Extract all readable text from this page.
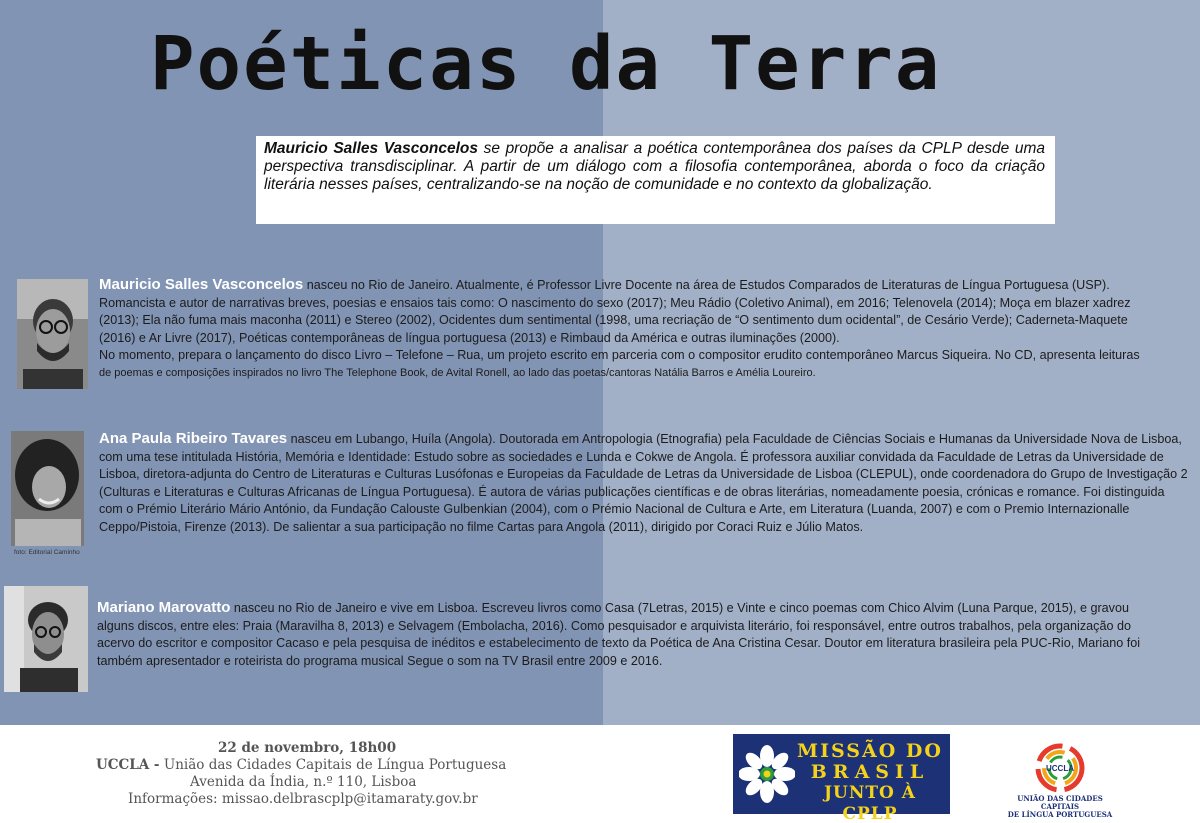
Poéticas da Terra
Mauricio Salles Vasconcelos se propõe a analisar a poética contemporânea dos países da CPLP desde uma perspectiva transdisciplinar. A partir de um diálogo com a filosofia contemporânea, aborda o foco da criação literária nesses países, centralizando-se na noção de comunidade e no contexto da globalização.
Mauricio Salles Vasconcelos nasceu no Rio de Janeiro. Atualmente, é Professor Livre Docente na área de Estudos Comparados de Literaturas de Língua Portuguesa (USP).
Romancista e autor de narrativas breves, poesias e ensaios tais como: O nascimento do sexo (2017); Meu Rádio (Coletivo Animal), em 2016; Telenovela (2014); Moça em blazer xadrez
(2013); Ela não fuma mais maconha (2011) e Stereo (2002), Ocidentes dum sentimental (1998, uma recriação de “O sentimento dum ocidental”, de Cesário Verde); Caderneta-Maquete
(2016) e Ar Livre (2017), Poéticas contemporâneas de língua portuguesa (2013) e Rimbaud da América e outras iluminações (2000).
No momento, prepara o lançamento do disco Livro – Telefone – Rua, um projeto escrito em parceria com o compositor erudito contemporâneo Marcus Siqueira. No CD, apresenta leituras
de poemas e composições inspirados no livro The Telephone Book, de Avital Ronell, ao lado das poetas/cantoras Natália Barros e Amélia Loureiro.
foto: Editorial Caminho
Ana Paula Ribeiro Tavares nasceu em Lubango, Huíla (Angola). Doutorada em Antropologia (Etnografia) pela Faculdade de Ciências Sociais e Humanas da Universidade Nova de Lisboa,
com uma tese intitulada História, Memória e Identidade: Estudo sobre as sociedades e Lunda e Cokwe de Angola. É professora auxiliar convidada da Faculdade de Letras da Universidade de
Lisboa, diretora-adjunta do Centro de Literaturas e Culturas Lusófonas e Europeias da Faculdade de Letras da Universidade de Lisboa (CLEPUL), onde coordenadora do Grupo de Investigação 2
(Culturas e Literaturas e Culturas Africanas de Língua Portuguesa). É autora de várias publicações científicas e de obras literárias, nomeadamente poesia, crónicas e romance. Foi distinguida
com o Prémio Literário Mário António, da Fundação Calouste Gulbenkian (2004), com o Prémio Nacional de Cultura e Arte, em Literatura (Luanda, 2007) e com o Premio Internazionalle
Ceppo/Pistoia, Firenze (2013). De salientar a sua participação no filme Cartas para Angola (2011), dirigido por Coraci Ruiz e Júlio Matos.
Mariano Marovatto nasceu no Rio de Janeiro e vive em Lisboa. Escreveu livros como Casa (7Letras, 2015) e Vinte e cinco poemas com Chico Alvim (Luna Parque, 2015), e gravou
alguns discos, entre eles: Praia (Maravilha 8, 2013) e Selvagem (Embolacha, 2016). Como pesquisador e arquivista literário, foi responsável, entre outros trabalhos, pela organização do
acervo do escritor e compositor Cacaso e pela pesquisa de inéditos e estabelecimento de texto da Poética de Ana Cristina Cesar. Doutor em literatura brasileira pela PUC-Rio, Mariano foi
também apresentador e roteirista do programa musical Segue o som na TV Brasil entre 2009 e 2016.
22 de novembro, 18h00
UCCLA - União das Cidades Capitais de Língua Portuguesa
Avenida da Índia, n.º 110, Lisboa
Informações: missao.delbrascplp@itamaraty.gov.br
MISSÃO DO
BRASIL
JUNTO À CPLP
UCCLA
UNIÃO DAS CIDADES CAPITAIS
DE LÍNGUA PORTUGUESA
